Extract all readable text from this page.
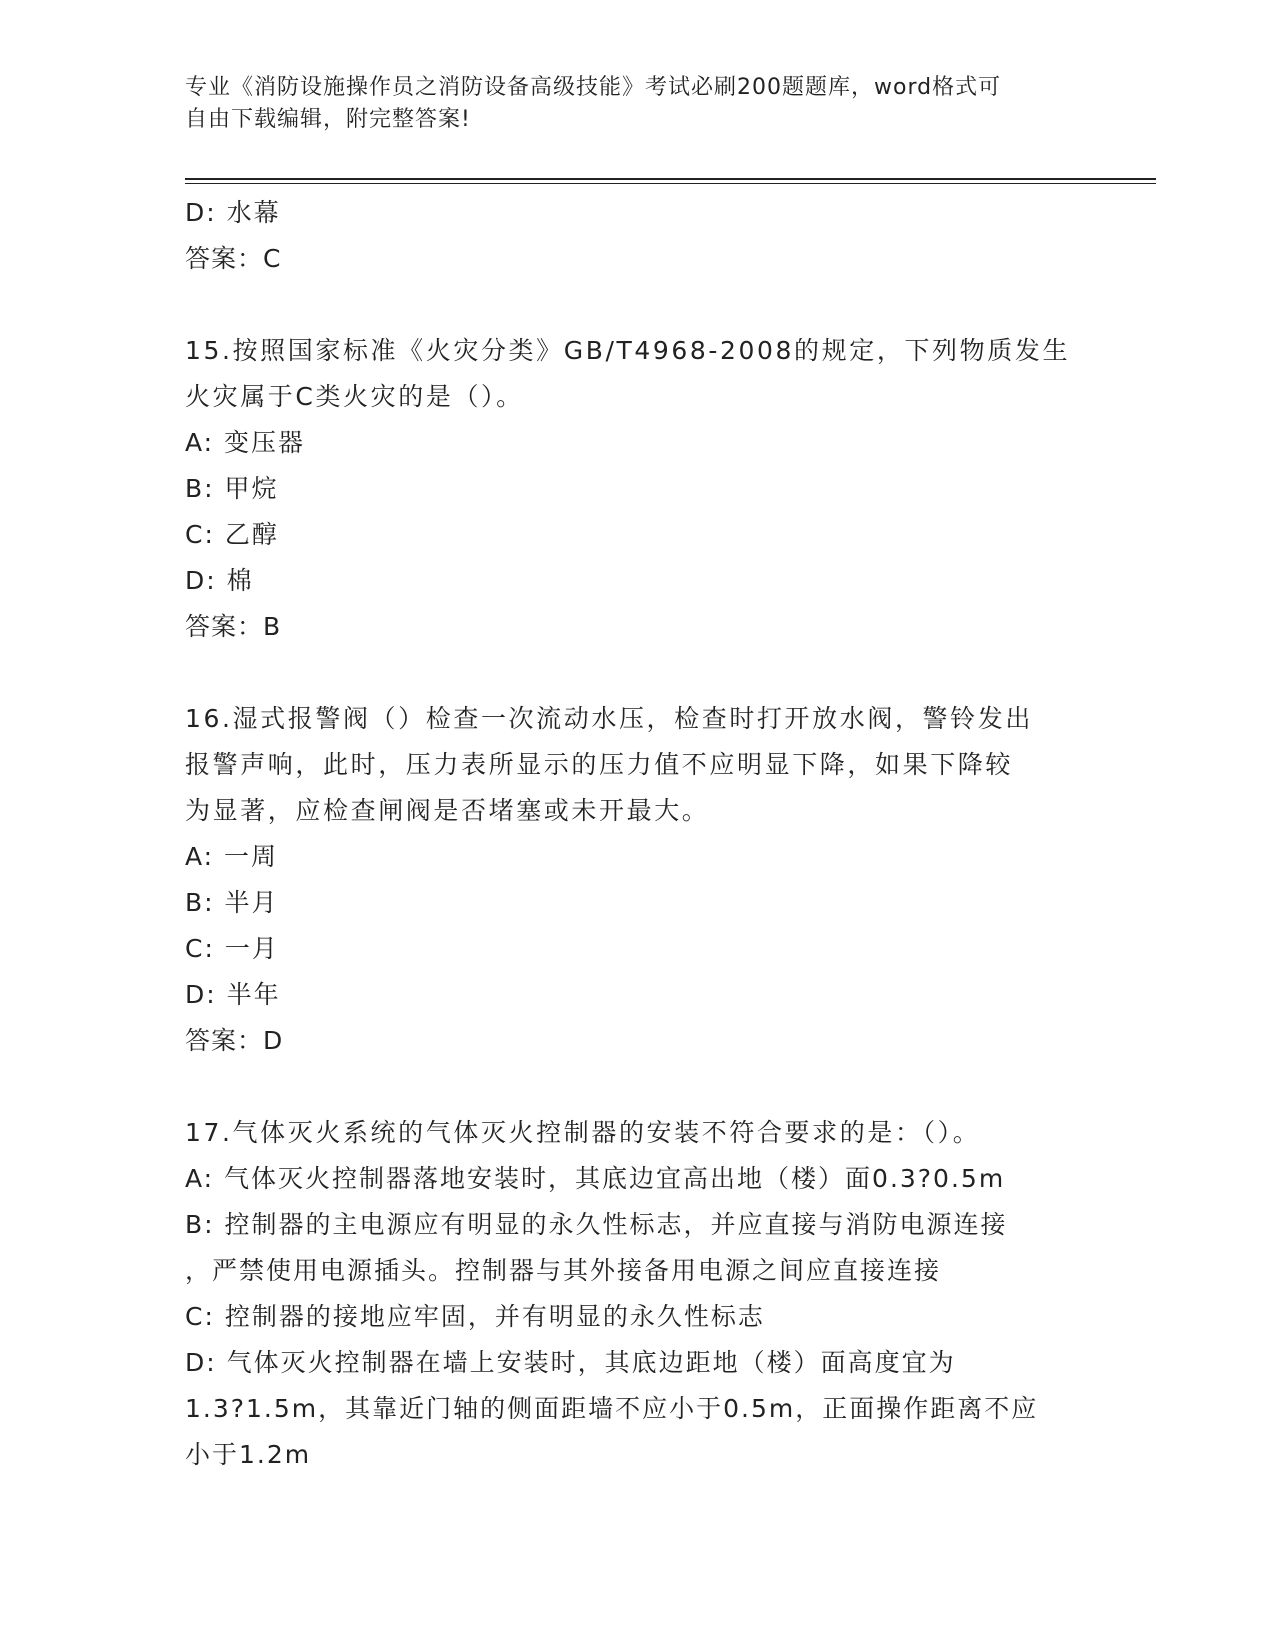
专业《消防设施操作员之消防设备高级技能》考试必刷200题题库，word格式可
自由下载编辑，附完整答案!
D: 水幕
答案：C
15.按照国家标准《火灾分类》GB/T4968-2008的规定，下列物质发生
火灾属于C类火灾的是（）。
A: 变压器
B: 甲烷
C: 乙醇
D: 棉
答案：B
16.湿式报警阀（）检查一次流动水压，检查时打开放水阀，警铃发出
报警声响，此时，压力表所显示的压力值不应明显下降，如果下降较
为显著，应检查闸阀是否堵塞或未开最大。
A: 一周
B: 半月
C: 一月
D: 半年
答案：D
17.气体灭火系统的气体灭火控制器的安装不符合要求的是：（）。
A: 气体灭火控制器落地安装时，其底边宜高出地（楼）面0.3?0.5m
B: 控制器的主电源应有明显的永久性标志，并应直接与消防电源连接
，严禁使用电源插头。控制器与其外接备用电源之间应直接连接
C: 控制器的接地应牢固，并有明显的永久性标志
D: 气体灭火控制器在墙上安装时，其底边距地（楼）面高度宜为
1.3?1.5m，其靠近门轴的侧面距墙不应小于0.5m，正面操作距离不应
小于1.2m
